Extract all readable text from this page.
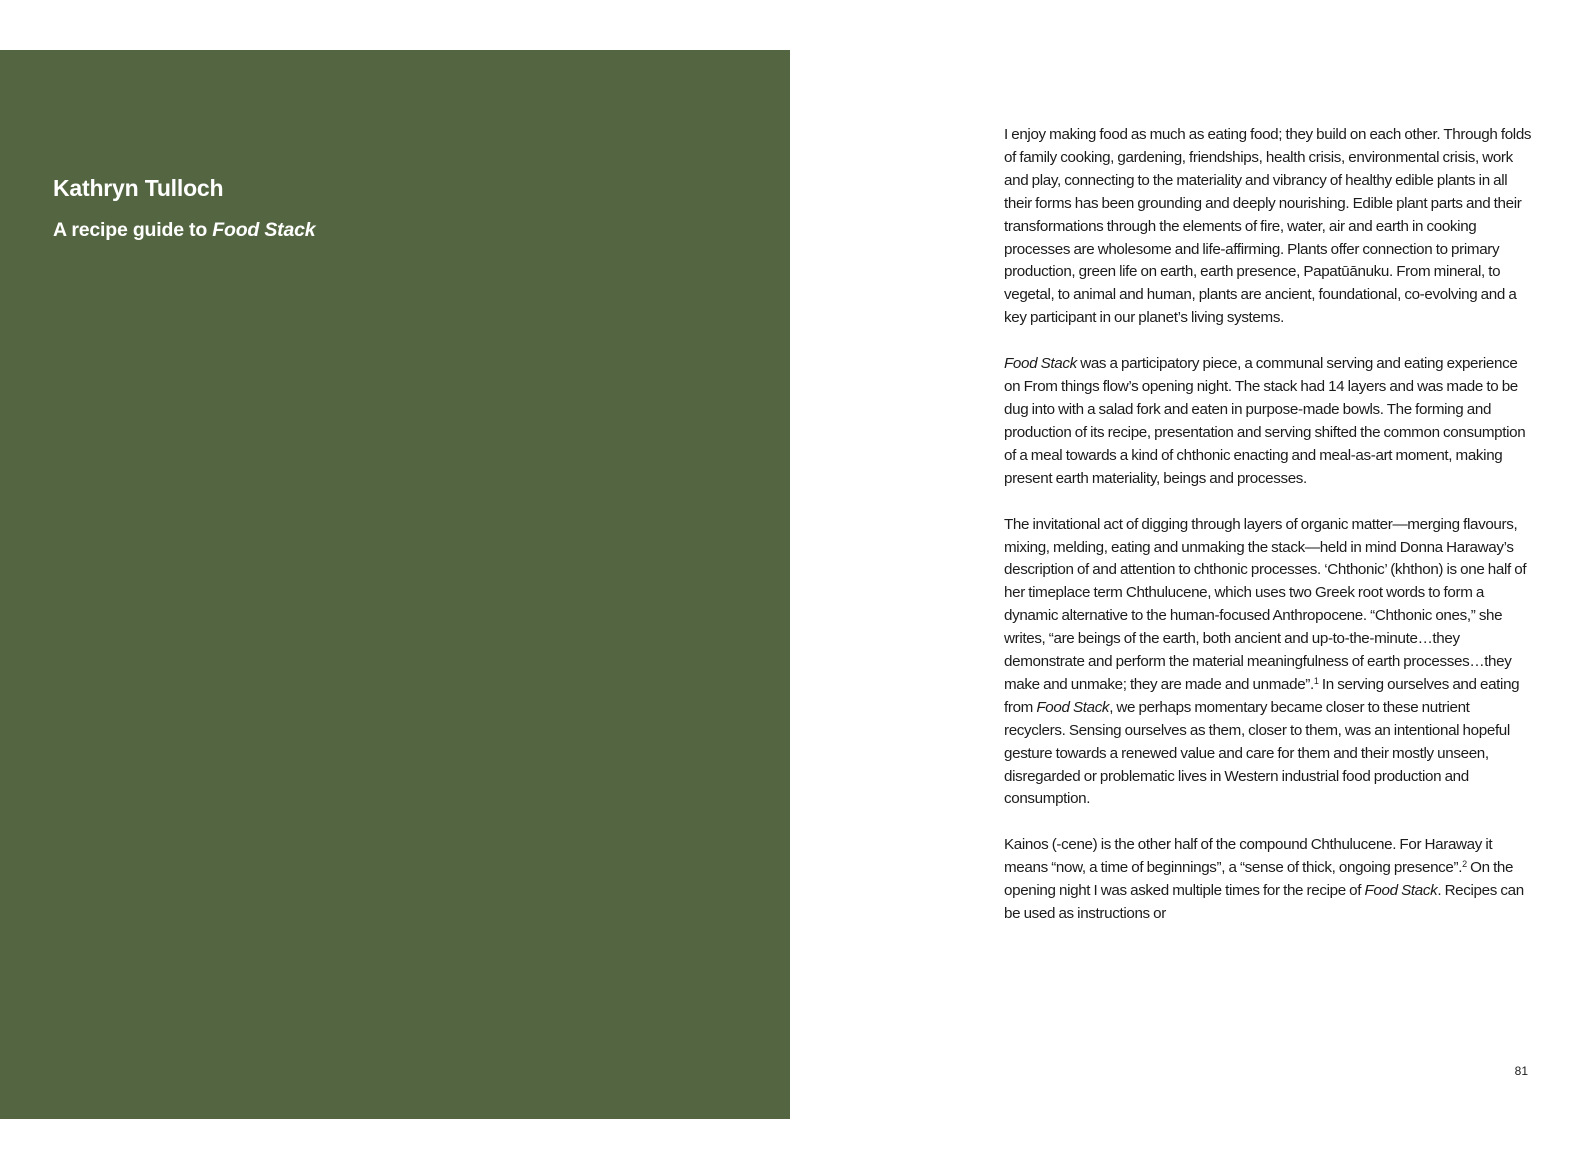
Kathryn Tulloch
A recipe guide to Food Stack

I enjoy making food as much as eating food; they build on each other. Through folds of family cooking, gardening, friendships, health crisis, environmental crisis, work and play, connecting to the materiality and vibrancy of healthy edible plants in all their forms has been grounding and deeply nourishing. Edible plant parts and their transformations through the elements of fire, water, air and earth in cooking processes are wholesome and life-affirming. Plants offer connection to primary production, green life on earth, earth presence, Papatūānuku. From mineral, to vegetal, to animal and human, plants are ancient, foundational, co-evolving and a key participant in our planet’s living systems.

Food Stack was a participatory piece, a communal serving and eating experience on From things flow’s opening night. The stack had 14 layers and was made to be dug into with a salad fork and eaten in purpose-made bowls. The forming and production of its recipe, presentation and serving shifted the common consumption of a meal towards a kind of chthonic enacting and meal-as-art moment, making present earth materiality, beings and processes.

The invitational act of digging through layers of organic matter—merging flavours, mixing, melding, eating and unmaking the stack—held in mind Donna Haraway’s description of and attention to chthonic processes. ‘Chthonic’ (khthon) is one half of her timeplace term Chthulucene, which uses two Greek root words to form a dynamic alternative to the human-focused Anthropocene. “Chthonic ones,” she writes, “are beings of the earth, both ancient and up-to-the-minute…they demonstrate and perform the material meaningfulness of earth processes…they make and unmake; they are made and unmade”.$^1$ In serving ourselves and eating from Food Stack, we perhaps momentary became closer to these nutrient recyclers. Sensing ourselves as them, closer to them, was an intentional hopeful gesture towards a renewed value and care for them and their mostly unseen, disregarded or problematic lives in Western industrial food production and consumption.

Kainos (-cene) is the other half of the compound Chthulucene. For Haraway it means “now, a time of beginnings”, a “sense of thick, ongoing presence”.$^2$ On the opening night I was asked multiple times for the recipe of Food Stack. Recipes can be used as instructions or

81
